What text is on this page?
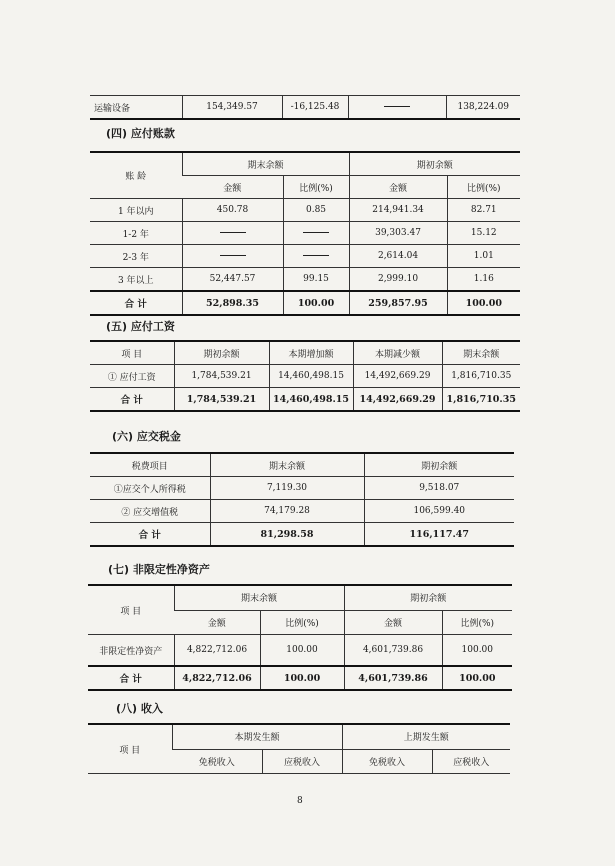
运输设备	154,349.57	-16,125.48		138,224.09
(四) 应付账款
账 龄	期末余额		期初余额	
	金额	比例(%)	金额	比例(%)
1 年以内	450.78	0.85	214,941.34	82.71
1-2 年			39,303.47	15.12
2-3 年			2,614.04	1.01
3 年以上	52,447.57	99.15	2,999.10	1.16
合 计	52,898.35	100.00	259,857.95	100.00
(五) 应付工资
项 目	期初余额	本期增加额	本期减少额	期末余额
① 应付工资	1,784,539.21	14,460,498.15	14,492,669.29	1,816,710.35
合 计	1,784,539.21	14,460,498.15	14,492,669.29	1,816,710.35
(六) 应交税金
税费项目	期末余额	期初余额
①应交个人所得税	7,119.30	9,518.07
② 应交增值税	74,179.28	106,599.40
合 计	81,298.58	116,117.47
(七) 非限定性净资产
项 目	期末余额		期初余额	
	金额	比例(%)	金额	比例(%)
非限定性净资产	4,822,712.06	100.00	4,601,739.86	100.00
合 计	4,822,712.06	100.00	4,601,739.86	100.00
(八) 收入
项 目	本期发生额		上期发生额	
	免税收入	应税收入	免税收入	应税收入
8
